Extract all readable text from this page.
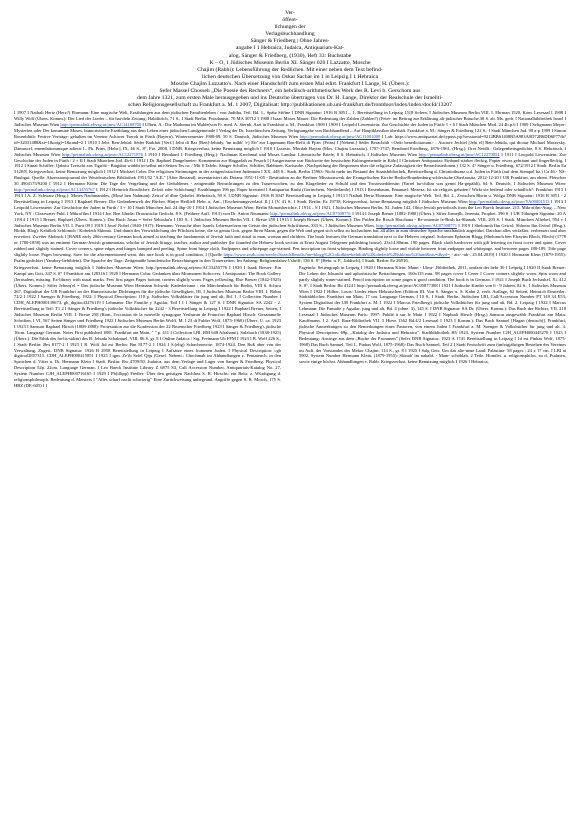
Ver-
öffent-
lichungen der
Verlagsbuchhandlung
Sänger & Friedberg | Ohne Jahres-
angabe I 1 Hebraica, Judaica, Antiquariats-Kat-
alog, Sänger & Friedberg, (1930), Heft 33: Buchstabe
K – O, 1 Jüdisches Museum Berlin XI. Sänger 020 I Lazzatto, Mosche
Chajim (Rabbi): Lebensführung der Redlichen. Mit einer neben dem Text befind-
lichen deutschen Übersetzung von Oskar Sachar im 1 in Leipzig I 1 Hebraica
Mosche Chajim Luzzatto's. Nach einer Handschrift zum ersten Mal edirt. Frankfurt I Lange, H. (Übers.):
Sefer Massel Chosseh „Die Poesie des Rechners“, ein hebräisch-arithmetisches Werk des R. Levi b. Gerschom aus
dem Jahre 1321, zum ersten Male herausgegeben und ins Deutsche übertragen von Dr. H. Lange, Direktor der Realschule der Israeliti-
schen Religionsgesellschaft zu Frankfurt a. M. 1 2007, Digitalisat: http://publikationen.ub.uni-frankfurt.de/frontdoor/index/index/docId/13207
I 1907 I Nathali Hertz (Herz?) Ehrmann: Eine magische Welt, Erzählungen aus dem jüdischen Familienleben / von Juditha, Teil. Bd. 1., Spätz Stiftne I DNB Signatur: 1916 B 3051 – 1, Bereitstellung in Leipzig 1518 Sofern, I Jüdisches Museum Berlin VIII. I. Ehrman 1520, Kom. Lesesaal I 1908 I Willy Wolf (Übers. Komm.): Der Lied der Lieder – für hai-deln Zeitung, Habilitrich, 71 S., I Stadt Berlin, Potsdamstr. 70 MA 30712 I 1908 I Isaac Moses Mauer: Die Bedeutung der Zahlen (Zahlen?) (Feier- im Beitrag zur Erklärung alt-jüdischer Bräuche,38 S. ab. Ms. gedr. I Nationalbibliothek Israel I Jüdisches Museum Wien http://permalink.obvsg.at/jmw/AC14108700 I Ulben, A.: Die Madonna im Walde(von Fr. med. A. Sternk, Arzt in Frankfurt a. M., Frankfurt 1909 I 1909 I Leopold Löwenstein: Zur Geschichte der Juden in Fürth: I + 6 I Stadt München Mod. 24 4b.p.6 I 1909 I Seligmann Meyer: Mysterien oder Der kommune Moses, humoristische Erzählung aus dem Leben einer jüdischen Landgemeinde I Verlag der Dr. Israelitischen Zeitung, Verlagsangabe von Buchhandlend – Auf Hauptklassiker überhält. Frankfurt a. M.: Sänger & Friedberg 122 S., I Stadt München Jud. 90 a-p 1909 I Simon Rosenblüth: Festive Verträge; gehalten im Vereine Achiwer Tseroh in Fürth (Bayern), Wintersemester 1908-09, 50 S. Dantsch, Jüdisches Museum Wien http://permalink.obvsg.at/jmw/AC11001000 I Lab: https://www.antiquariat.de/typuss.jsp?sessionid=9212BB61408B5A983A0D72B6DD6F77fb?id=32031488&st=1&origl=1&rand=2 I 1910 I Jehr. Ben-Jehüd: Séder Barkhót [Verf.] Jehú di Bar [Ben]-Jehüdy, 'tm mibb' 'e'j Efr' zur Lippmann Ben-Refit di Pjinv (Prins) I [Nebent.] Séder Berachöth <Ordo benedictionum> : Auctore Jechiel [Jehi el] Ben-Jehüda, qui dicitur Michael Moravsky. Damascel, emendationumque adiecit L. Ph. Prins, [Hebr.], IX, 46 S., 8°, Fre. 2008, I DNB, Kriegsverlust, keine Benutzung möglich I 1910 I Lutosto, Mordah Hayim (Mos. Chajim Luzzatto), 1707-1747; Bernhard Friedberg, 1876-1961, (Hrsg.), Orot Neidlt : Gelegenheitsgedichte, 8 S. Hebräisch, I Jüdisches Museum Wien http://permalink.obvsg.at/jmw/AC12271876 I 1910 I Bernhard I. Friedberg (Hrsg.): Nachman Krochmal und Moses Landau: Litterarische Briefe, 8 S. Hebräisch, I Jüdisches Museum Wien http://permalink.obvsg.at/jmw/AC12270854 I 1911 I Leopold Löwenstein: Zur Geschichte der Juden in Fürth / 2 + II I Stadt München Jud. 4b-6 I 1912 I Dr. Raphael Dangelmeier: Kommentar zur Haggadah zu Pesach I [Ausgerissene war Rückseite der hessischen Kultusgemeinde in Köln] I Christiner Antiquariat: Einband stärker fleckig, Papier etwas gebräunt und fingerfleckig, I 1912 I Simai Schiffer: Qabstu Tzeischt aus Tiga/dt - Baqjdrat wäddit in-selbst mit-Seiten Tes ra: / Mit 8 Tafeln. Sänger Schiffer, Schiffer, Rabbiner, Karlsruhe. (Nachprüfung der Responsen über die religiöse Zulässigkeit der Betrachtsteilonen.) 132 S. 4° Sänger u. Friedberg, 672/1912 I Stadt. Berlin Ea 5120/8, Kriegsverlust, keine Benutzung möglich I 1912 I Michael Cohn: Die religiösen Strömungen in der zeitgenössischen Judentum I XX, 448 S., Stadt. Berlin 15963: Nicht mehr im Bestand der Staatsbibliothek, Bereitstellung d. Chroniothumz u.d. Juden in Fürth (auf dem Stempel bz.) Ca 46.- NS-Raubgut: Quelle: Akzessionsjournal der Westdeutschen Bibliothek 1951/52 "A.E." [After Bestand], inventarisiert als Dotanz 1951-11-05 - Restitution an die Berliner Missionswerk der Evangelischen Kirche Berlin-Brandenburg-schlesische Oberlausitz, 2012-12-20 I UB Frankfurt, am ehem. Fleischer 30 4904175/9200 I 1912 I Hermann Klein: Die Tage der Vergeltung und der Geduldenes - zeitgemäße Betrachtungen zu den Trauerwochen, zu den Klagelieder zu Schuld und den Trostesseddersim (Yarrel ha-chilim was gemit Ha-gepäldi), 64 S. Deutsch, I Jüdisches Museum Wien: http://permalink.obvsg.at/jmw/AC13455767 I 1912 I Heinrich Einstlicher: Zefzöt oder Schöchung? Erzählungen 196 pp. Paper browned I Antiquariat Rashi (Gorinchem, Niederlande) I 1913 I Rosenbaum, Emanuel: Mezeza. Ist sie religiös geboten? Wirkt sie heilend oder schädlich?: Frankfurt 1913 I 1913 I A. Z. Schwarz (Hrsg.): Moses Nachmanides, (Mosé ben Nahman): Zeirot' al dbre Qohelet. Hebräisch, 50 S. I DNB Signatur: 1916 B 3047 Bereitstellung in Leipzig I 1913 I Nathali Hertz Ehrmann: Eine magische Welt. Teil. Bd. 2., Zwischen Rhein u. Wolga DNB Signatur: 1916 B 3051 - 2 Bereitstellung in Leipzig I 1913 I Raphael Breuer: Die Gedankenwelt der Bücher. Hinjer Heilliell Hebr. u. Ant., [Erscheinungsverlauf. ll.] 1 [V. 41 S., I Stadt. Berlin: Ez 19738, Kriegsverlust, keine Benutzung möglich I Jüdisches Museum Wien http://permalink.obvsg.at/jmw/YA00001513 I 1913 I Leopold Löwenstein: Zur Geschichte der Juden in Fürth / 3 + 10 I Stadt München Jud. 24 4bp-10 I 1914 I Jüdisches Museum Wien: Berlin Monatsberichte, I 1914 – 8 I 1921, I Jüdisches Museum Berlin, XI. Juden 142, Ohio-Jewish periodicals from the Leo Baeck Institute, 215. Mikrofilm-Ausg. – New York, NY : Clearwater Publ. I Mikrofilm I 1914 I Jnr. Ben Jihuda: Drawnische Gedicht, 8 S. (Frühere Aufl. 1913) von Dr. Anton Neumann: http://permalink.obvsg.at/jmw/AC07508751 I 1914 I Joseph Breuer [1882-1980] (Übers.): Sifter Jirmejlh, Jeremia, Prophet, 396 S. I UB Tübingen Signatur: 20 A 11914 I 1915 I Breuer, Raphael (Übers. Komm.): Das Buch Josua = Sefer Yehoshu'a I 183 S., I Jüdisches Museum Berlin VII. I. Breue 259 I 1915 I Joseph Breuer (Übers. Komm.): Der Prüfen Ihr Rosch Haschana - Re-ontomie le-Rosh ha-Shanah, VIII, 203 S. I Stadt. München Allrebel, 954 v I Jüdisches Museum Berlin VII. I. Purit 09 I 1919 I Josef Nobel (1840-1917): Hermann: Versuche über Israels Lebensreform im Geiste des jüdischen Schrifttums, 333 S., I Jüdisches Museum Wien, http://permalink.obvsg.at/jmw/AC07508771 I 1919 I Shelomoh Ibn Gvirol: Shlomo Ibn Gvirol (Hrsg.), Blokh, Blog): Kehilloh Schlomoh / Koheleth Shlomo. Und damit des Verwirklichung der Pflichten keine, die so genau Gott, gegen Ihren Mann, gegen die Welt und gegen sich selbst zu hochachten hat, all alles in zum deutscher Sprache anschaulich angeführt. Darchan alles verfaßter, verbessert und aber erweitert. Zweiter Abdruck I [RARE early 20th-century German book aimed at teaching the fundaments of Jewish faith and ritual to man, woman and children. The book features the German translation next to the Hebrew original. Solomon Ephraim Blogg (Shelomoh ben Efrayim Bloch, Blech) (1778 or 1780-1858) was an eminent German-Jewish grammarian, scholar of Jewish liturgy, teacher, author and publisher (he founded the Hebrew book section at Ernst August Telegener publishing house). 23x14.80mm. 190 pages. Black cloth hardcover with gilt lettering on front cover and spine. Cover rubbed and slightly stained. Cover corners, spine edges and hinges bumped and peeling. Spine front hinge cloth. Endpapers and whitepage age-stained. Pen inscription on front whitepage. Binding slightly loose and visible between front endpaper and whitepage, and between pages 188-189. Title page slightly loose. Pages browning. Save for the aforementioned wear, this rare book is in good condition. I [Quelle https://www.zvab.com/servlet/SearchResults?an=blogg%2Cfolio&tn=kehilotb%2Koheleth%2Bshlomo%20und&sts=t&yrl= - ats- -ak-, 25.04.2019] I 1920 I Hermann Klein (1879-1955): Psalm gedichtet (Yanrkey-liebiblein). Die Sprache der Tage: Zeitgemäße homiletische Betrachtungen in den Trauerzeiten. Im Anhang: Religionsfahrs-Vsbriff, 136 S. 8° [Hebr. u. F., Jiddisch], I Stadt. Berlin: Ez 26916,
Kriegsverlust, keine Benutzung möglich I Jüdisches Museum Wien: http://permalink.obvsg.at/jmw/AC13455776 I 1920 I Isaak Breuer: Ein Kampf um Gott, 347 S. 8° I Frankfurt am 128316 I 1920 I Hermann Cohn: Gedanken über Mormonen Softcover. I Antiquariat: The Book Gallery (Jerusalem, missing. Ex-library with usual marks. Few first pages Pages bottom corners slightly worn. Pages yellowing, Else Breuer (1842-1925) (Übers. Komm.): Sifter Jehezq'el = Das jüdische Museum Wien Hermann Schwab: Kaderlerisme : ein Märchenbuch für Berlin, VIII 6. Schwa 267, Digitalisat der UB Frankfurt an der Humoristische Dichtungen für die jüdische Geselligkeit, III, I Jüdisches Museum Berlin VIII. I. Böhm 72/2 I 1922 I Saenger & Friedberg, 1922: I Physical Description: 110 p. Jüdisches Volksblätter für jung und alt, Bd. 1. I Collection Number I CDH_ALEPH000139673, gh_digitool3276119 I Lehmann: Die Familie y Aguilar, Teil I I 1 Sänger & 127 S. I DNB Signatur: SA 2242 - 2. Bereitstellung in Teil: T1 2 I Sänger & Friedberg's jüdische Volksbücher für 2242 - 3 Bereitstellung in Leipzig I 1922 I Raphael Breuer, Seiten, I Jüdisches Museum Berlin VIII. I. Breue 258 (Rom, l'occasion de la nouvelle synagogue Yeshurun de Francfort Raphael Hirsch: Gesammelte Schriften, I VI, 567 Seiten Sänger und Friedberg 1922 I Jüdisches Museum Berlin Wolff, M. I 23 di Fulder Wolf, 1875-1968) (Übers. U. ca. 1923 I 1923 I Samson Raphael Hirsch (1808-1888): Protestation zur die Konfession der 22 Bruenscher Friedberg 1923 I Sänger & Friedberg's jüdische 16cm. Language German. Notes First published 1881. Frankfurt am Main, " " p. 411 I Collection LBI, BM 648 Afrahami). Sulzbach (1838-1925) (Übers.): Die Ethik des ha-lis-sidim) des R. Jehuda Schalmuel, VIII, 86 S. gr. 8 I Online Judaica / Sig. Freimann Ub FFM I 1923 I B. Wolf 226 S., I Stadt Berlin: Bm 8177-2 I 1923 I B. Wolf Jid est Berlin: Bm 8177-2 I 1924 I S.(elig) Schachnowitz: 1874-1924. Den Buß aber von der Verwaltung, Zugest. DNB Signatur: 1926 B 2958 Bereitstellung in Leipzig I Aufsätze eines frommen Juden. I Physical Description: cgh digitool2857315. CDH_ALEPH000415851 I 1925 I tgm. Ze'ib Sefel Qiju (Gesel. Nebent.: Chochmah im Abhandlungen z. Pentateuch, in den Spriichen d. Väter u. Dr. Hermann Klein I Stadt. Berlin: Bw 4709/50, Judaica, aus dem Verlage und Lager von Sanger & Friedberg. Physical Description 52p. 22cm. Language German, I Leo Baeck Institute Library Z 6875 S3, Call Accession Number, Antiquariats-Katalog No. 27, System Number CJH_ALEPH000716165 I 1929 I Pb(illipp) Fiedler: Über den geistigen Nachlass S. R. Hirschs: ein Beitr. z. Würdigung d. religionsphilosoph. Bedeutung d. Meisters I "Alles scharf nacht schwierig" Eine Zurückweisung unbegrund. Angriffe gegen S. R. Mosch, 175 S. HBZ (DE-605) I 1
Pageinfo: Seitengraph in Leipzig I 1920 I Hermann Klein: Mann - Ulmt- ,Bibliothek, 2011, umfam der hebr 30 I Leipzig I 1920 II Isaak Breuer: Die Leben der Ichuruht und aphoristische Betrachtungen, 160x115 mm. 98 pages cover I Ceeer I Cover corners slightly worn. Spin worn and partly slightly water-stained. Pencil inscription on some pages n good condition. The book is in German. I 1921 I Joseph Buch Jechaskel, Xi, 412 S. 8°, I Stadt Berlin: Bu 4124 I http://permalink.obvsg.at/jmw/AC05877388 I 1921 I Jüdische Kinder von 6 - 9 Jahren, 82 S., I Jüdisches Museum Wien I 1922 I Hilber, Louis: Lieder eines Hebraischen (Edition III. Von S. Sänger u. S. Kahn 2. verb. Auflage, 62 Seiten, Heinrich Einsteiler: Südrähblicher, Frankfurt am Main, 17 cm. Language German, I 10 S., I Stadt. Berlin, Jüdischen LBI, Call/Accession Number PT 149 34 E53, System Digitalisat der UB Frankfurt a. M. I 1922 I Marcus Friedberg's jüdische Volksbücher für jung und alt, Bd. 2. Leipzig I 1922 I Marcus Lehmann: Die Famalie y Aguilar, jung und alt, Bd. 4 (ohne. 3), 145 S. I DNB Signatur: SA Dr. (Übers. Komm.): Das Buch der Richter, VII, 218 Lesesaal I Jüdisches Museum Paris: 1997: Publié à sur le Main I 1922 I Naphtali Hirsch (Hrsg.) Samson ausgewählt Frankfurt am Main: Kauffmann, I 2. Aufl. Rara-Bibliothek VII. 5 Hirve 1362 Bd.4/2 Lesesaal I 1923 I Komm.): Das Buch Samuel [Hagan (deutsch)], Frankfurt, jüdische Anmerkungen zu den Bemerkungen eines Pastoren; von einem Juden I Frankfurt a. M. Saenger & Volksbücher für jung und alt. 4. Physical Description: 69p. „Katalog der Judaica und Hebraica", Stadtbibliothek H5 1923, System Number CJH_ALEPH000445270 I 1923 I Bedeutung: Anstrige aus dem „Buche der Frommen" (Sefer DNB Signatur: 1923 A 1741 Bereitstellung in Leipzig I 1d est Pinhas Wolf, 1875-1968) Das Buch Samuel, Teil I., Pinhas Wolf, 1875-1968): Das Buch Samuel, Teil 2 I Stadt Festschrift zum fünfzigjährigen Bestehen des Vereines im Auft. der Vorstandes des Mekor Chajim, 114 S., gr. 8 I 1925 I Salg Geis: Um das alte-neue Land: Palästina- 58 pages ; 24 x 17 cm. I LBI at 5902, System Number Hermann Klein, (1879-1955): Slönah' im nahald. - Mam- schöblah, 2 Teile. Homilet. u. religionsphilos. zu d. Psalmen, sowie einige höchst. Abhandlungen v. Rabb. Kriegsverlust, keine Benutzung möglich I 1926 I Hebraica,
